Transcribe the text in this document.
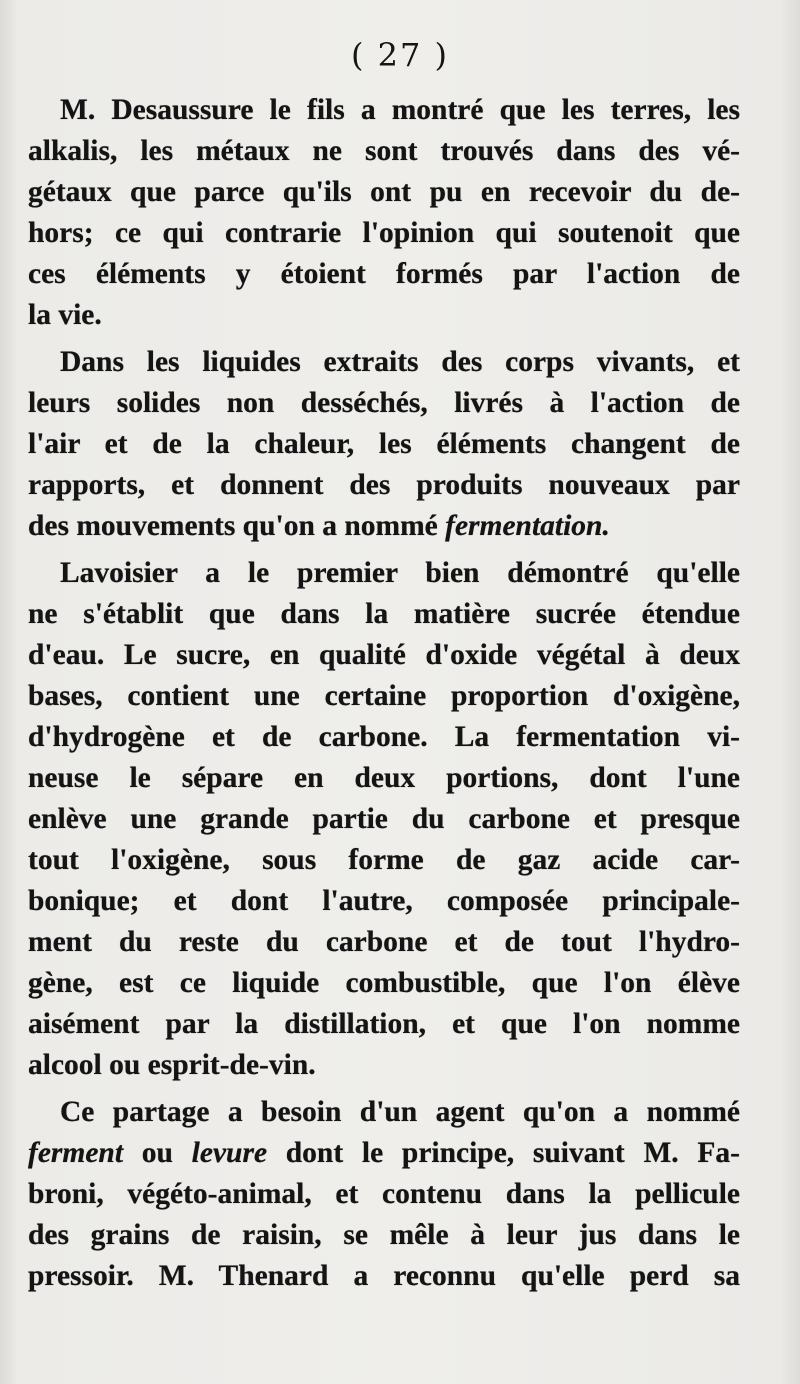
( 27 )
M. Desaussure le fils a montré que les terres, les
alkalis, les métaux ne sont trouvés dans des vé-
gétaux que parce qu'ils ont pu en recevoir du de-
hors; ce qui contrarie l'opinion qui soutenoit que
ces éléments y étoient formés par l'action de
la vie.
Dans les liquides extraits des corps vivants, et
leurs solides non desséchés, livrés à l'action de
l'air et de la chaleur, les éléments changent de
rapports, et donnent des produits nouveaux par
des mouvements qu'on a nommé fermentation.
Lavoisier a le premier bien démontré qu'elle
ne s'établit que dans la matière sucrée étendue
d'eau. Le sucre, en qualité d'oxide végétal à deux
bases, contient une certaine proportion d'oxigène,
d'hydrogène et de carbone. La fermentation vi-
neuse le sépare en deux portions, dont l'une
enlève une grande partie du carbone et presque
tout l'oxigène, sous forme de gaz acide car-
bonique; et dont l'autre, composée principale-
ment du reste du carbone et de tout l'hydro-
gène, est ce liquide combustible, que l'on élève
aisément par la distillation, et que l'on nomme
alcool ou esprit-de-vin.
Ce partage a besoin d'un agent qu'on a nommé
ferment ou levure dont le principe, suivant M. Fa-
broni, végéto-animal, et contenu dans la pellicule
des grains de raisin, se mêle à leur jus dans le
pressoir. M. Thenard a reconnu qu'elle perd sa
